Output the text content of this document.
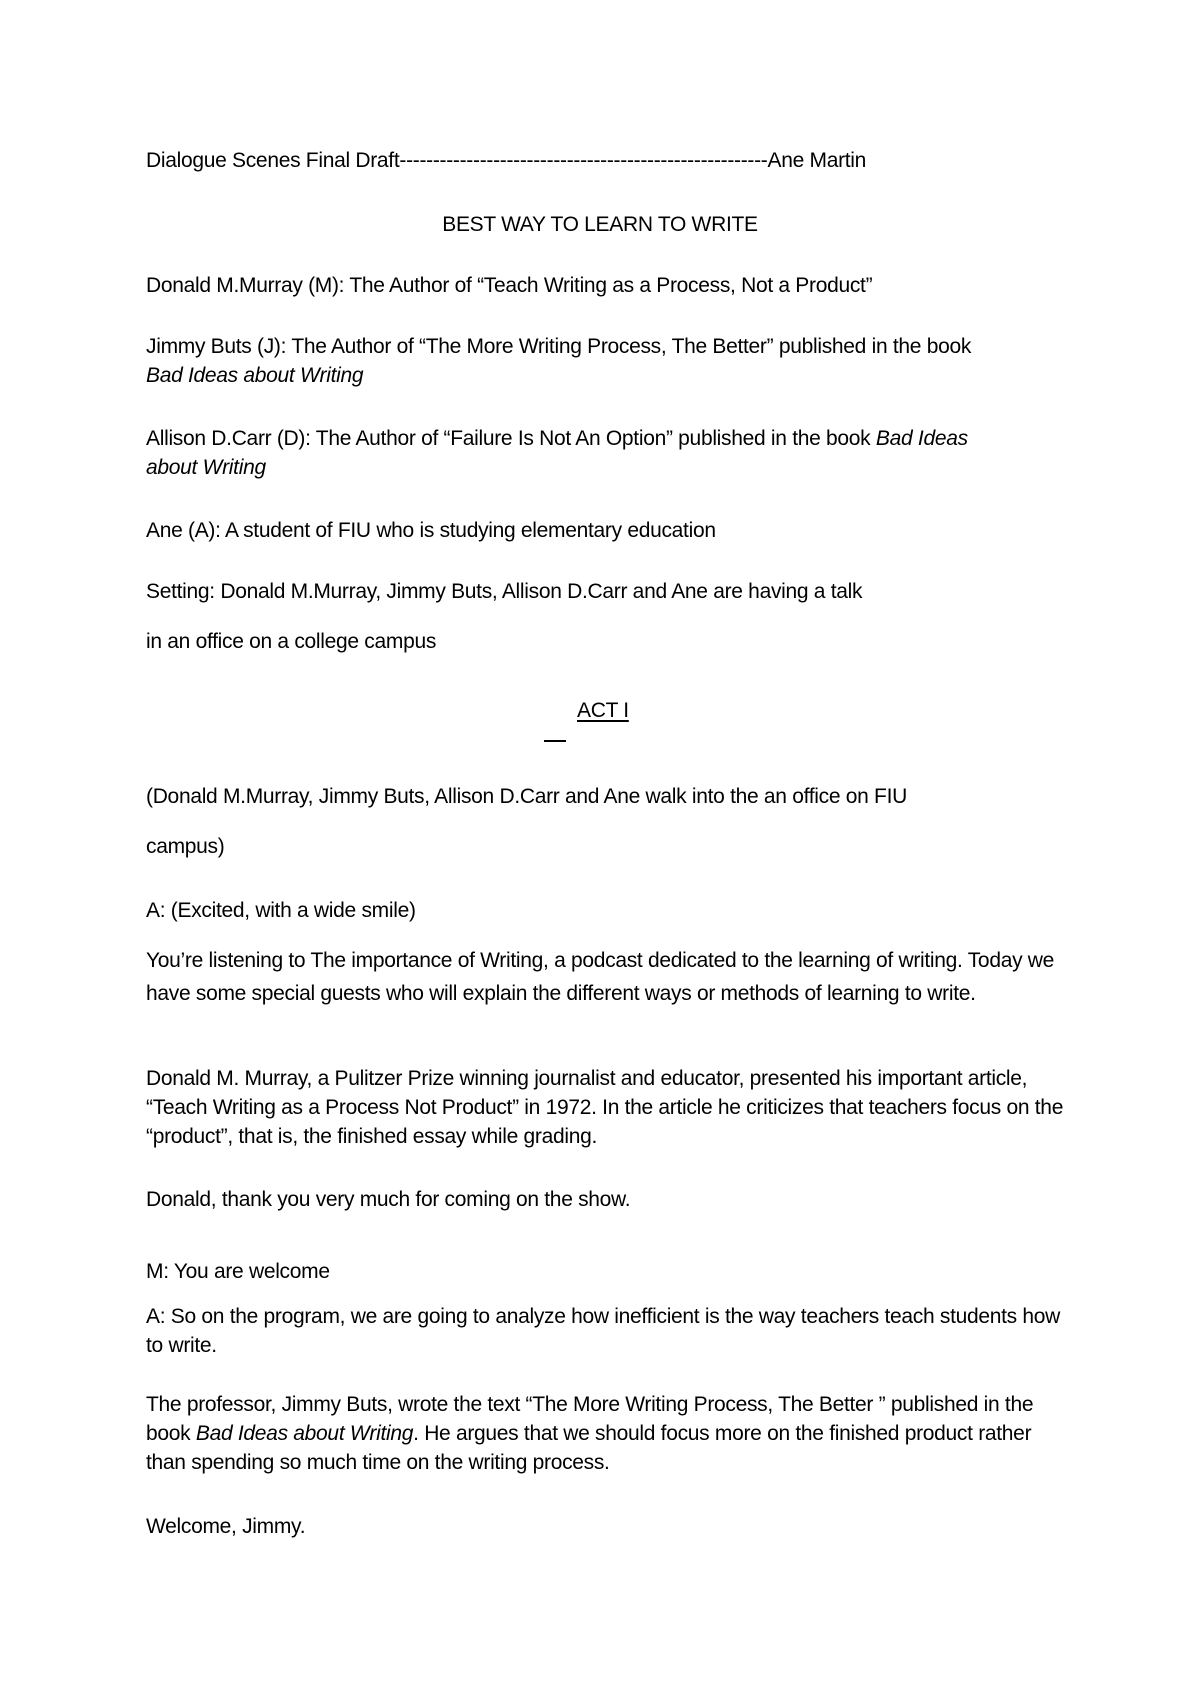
Dialogue Scenes Final Draft-------------------------------------------------------Ane Martin
BEST WAY TO LEARN TO WRITE
Donald M.Murray (M): The Author of “Teach Writing as a Process, Not a Product”
Jimmy Buts (J): The Author of “The More Writing Process, The Better” published in the book
Bad Ideas about Writing
Allison D.Carr (D): The Author of “Failure Is Not An Option” published in the book Bad Ideas
about Writing
Ane (A): A student of FIU who is studying elementary education
Setting: Donald M.Murray, Jimmy Buts, Allison D.Carr and Ane are having a talk
in an office on a college campus
ACT I
(Donald M.Murray, Jimmy Buts, Allison D.Carr and Ane walk into the an office on FIU
campus)
A: (Excited, with a wide smile)
You’re listening to The importance of Writing, a podcast dedicated to the learning of writing. Today we have some special guests who will explain the different ways or methods of learning to write.
Donald M. Murray, a Pulitzer Prize winning journalist and educator, presented his important article, “Teach Writing as a Process Not Product” in 1972. In the article he criticizes that teachers focus on the “product”, that is, the finished essay while grading.
Donald, thank you very much for coming on the show.
M: You are welcome
A: So on the program, we are going to analyze how inefficient is the way teachers teach students how to write.
The professor, Jimmy Buts, wrote the text “The More Writing Process, The Better ” published in the book Bad Ideas about Writing. He argues that we should focus more on the finished product rather than spending so much time on the writing process.
Welcome, Jimmy.
